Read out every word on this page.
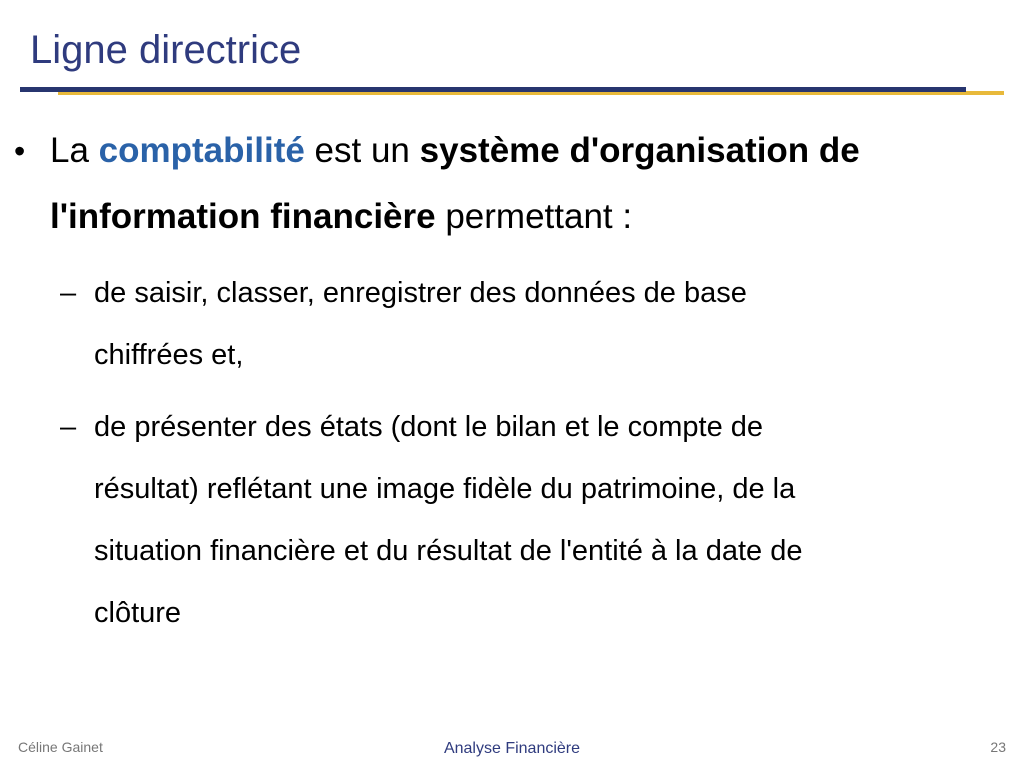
Ligne directrice
• La comptabilité est un système d'organisation de
l'information financière permettant :
– de saisir, classer, enregistrer des données de base
chiffrées et,
– de présenter des états (dont le bilan et le compte de
résultat) reflétant une image fidèle du patrimoine, de la
situation financière et du résultat de l'entité à la date de
clôture
Céline Gainet	Analyse Financière	23
